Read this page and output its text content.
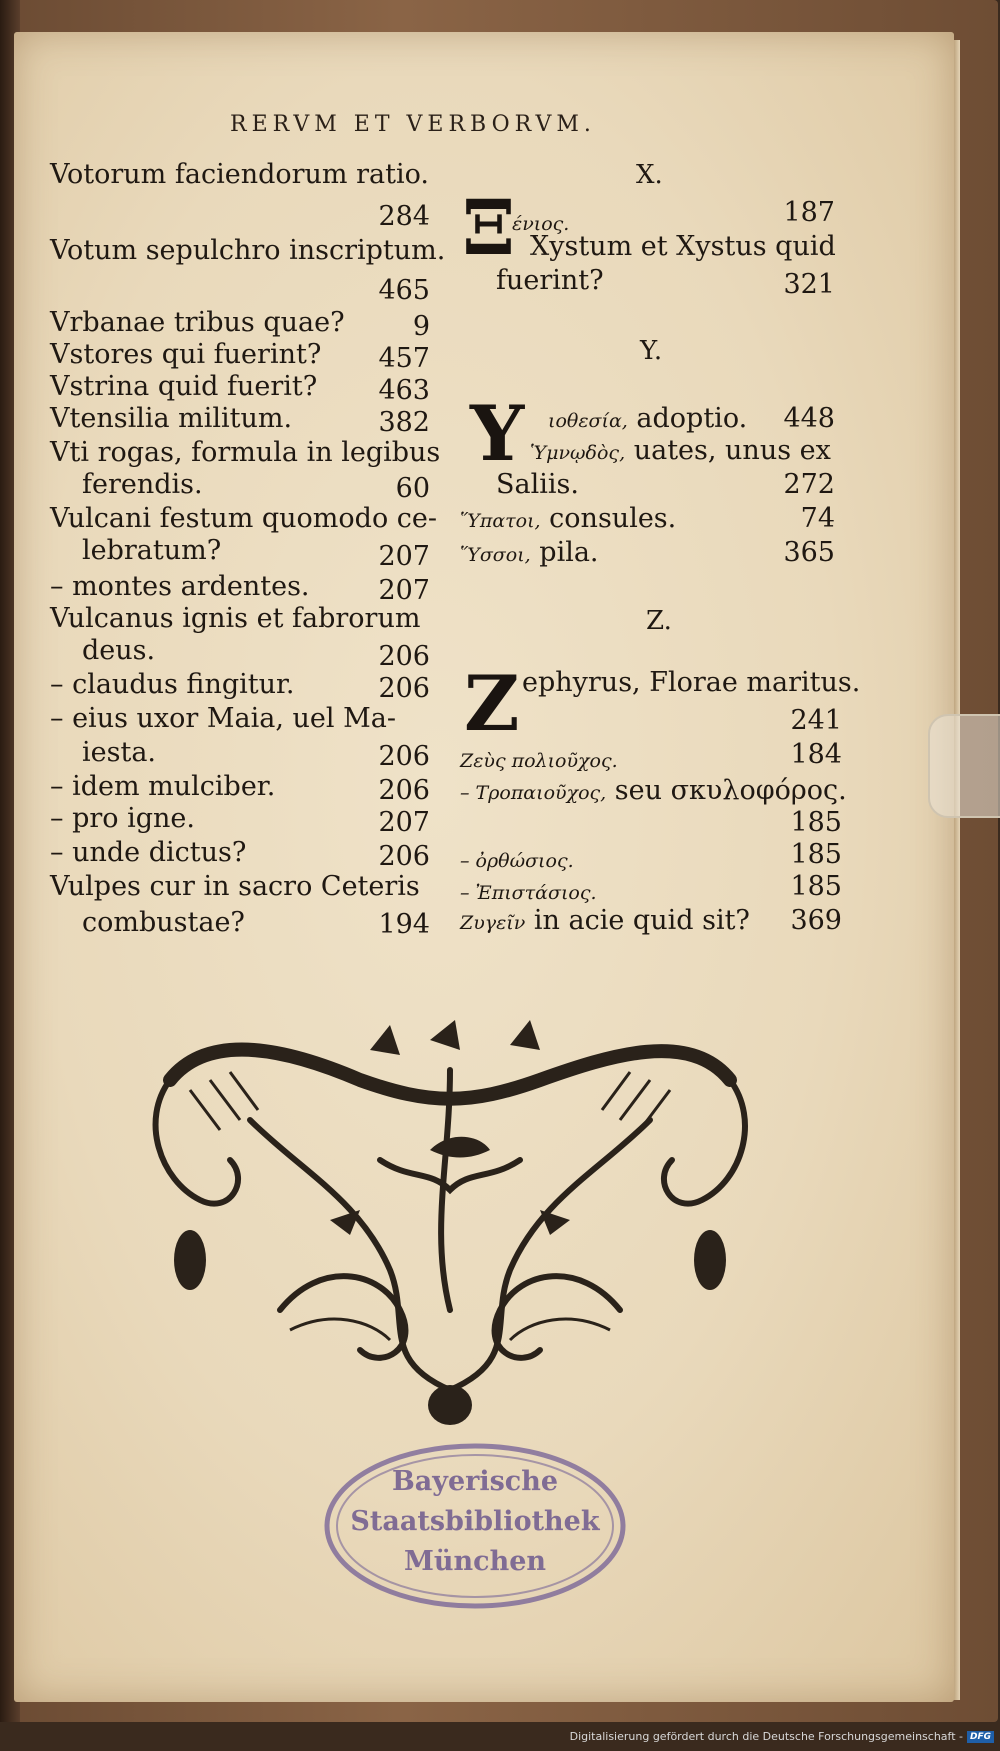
RERVM ET VERBORVM.
Votorum faciendorum ratio.
284
Votum sepulchro inscriptum.
465
Vrbanae tribus quae?	9
Vstores qui fuerint?	457
Vstrina quid fuerit?	463
Vtensilia militum.	382
Vti rogas, formula in legibus
ferendis.	60
Vulcani festum quomodo ce-
lebratum?	207
– montes ardentes.	207
Vulcanus ignis et fabrorum
deus.	206
– claudus fingitur.	206
– eius uxor Maia, uel Ma-
iesta.	206
– idem mulciber.	206
– pro igne.	207
– unde dictus?	206
Vulpes cur in sacro Ceteris
combustae?	194
X.
Ξ
ένιος.	187
Xystum et Xystus quid
fuerint?	321
Y.
Y ιοθεσία, adoptio.	448
Ὑμνῳδὸς, uates, unus ex
Saliis.	272
Ὕπατοι, consules.	74
Ὕσσοι, pila.	365
Z.
Z ephyrus, Florae maritus.
241
Ζεὺς πολιοῦχος.	184
– Τροπαιοῦχος, seu σκυλοφόρος.
185
– ὀρθώσιος.	185
– Ἐπιστάσιος.	185
Ζυγεῖν in acie quid sit?	369
Bayerische
Staatsbibliothek
München
Digitalisierung gefördert durch die Deutsche Forschungsgemeinschaft - DFG
